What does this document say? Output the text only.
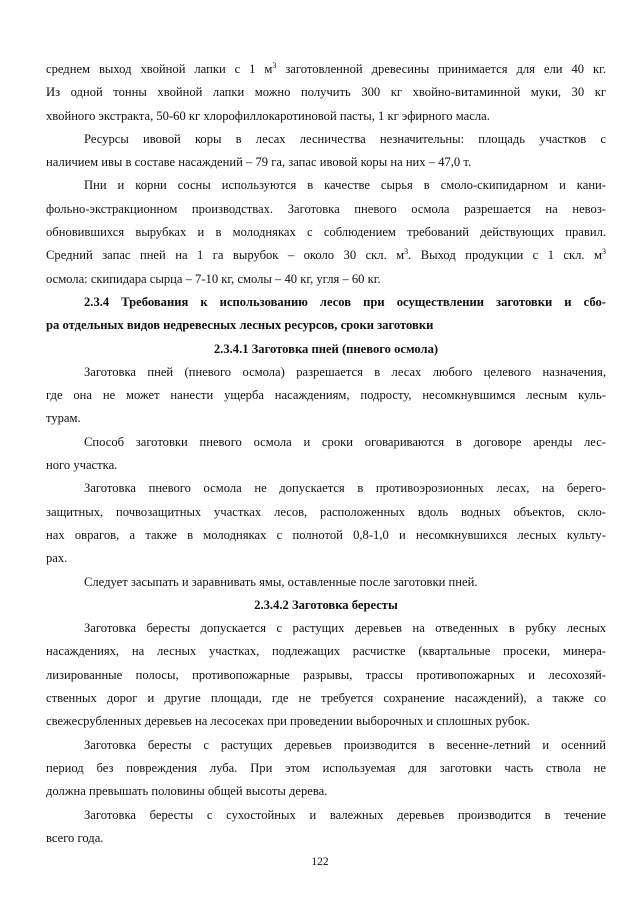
среднем выход хвойной лапки с 1 $м^3$ заготовленной древесины принимается для ели 40 кг.
Из одной тонны хвойной лапки можно получить 300 кг хвойно-витаминной муки, 30 кг
хвойного экстракта, 50-60 кг хлорофиллокаротиновой пасты, 1 кг эфирного масла.
Ресурсы ивовой коры в лесах лесничества незначительны: площадь участков с
наличием ивы в составе насаждений – 79 га, запас ивовой коры на них – 47,0 т.
Пни и корни сосны используются в качестве сырья в смоло-скипидарном и кани-
фольно-экстракционном производствах. Заготовка пневого осмола разрешается на невоз-
обновившихся вырубках и в молодняках с соблюдением требований действующих правил.
Средний запас пней на 1 га вырубок – около 30 скл. $м^3$. Выход продукции с 1 скл. $м^3$
осмола: скипидара сырца – 7-10 кг, смолы – 40 кг, угля – 60 кг.
2.3.4 Требования к использованию лесов при осуществлении заготовки и сбо-
ра отдельных видов недревесных лесных ресурсов, сроки заготовки
2.3.4.1 Заготовка пней (пневого осмола)
Заготовка пней (пневого осмола) разрешается в лесах любого целевого назначения,
где она не может нанести ущерба насаждениям, подросту, несомкнувшимся лесным куль-
турам.
Способ заготовки пневого осмола и сроки оговариваются в договоре аренды лес-
ного участка.
Заготовка пневого осмола не допускается в противоэрозионных лесах, на берего-
защитных, почвозащитных участках лесов, расположенных вдоль водных объектов, скло-
нах оврагов, а также в молодняках с полнотой 0,8-1,0 и несомкнувшихся лесных культу-
рах.
Следует засыпать и заравнивать ямы, оставленные после заготовки пней.
2.3.4.2 Заготовка бересты
Заготовка бересты допускается с растущих деревьев на отведенных в рубку лесных
насаждениях, на лесных участках, подлежащих расчистке (квартальные просеки, минера-
лизированные полосы, противопожарные разрывы, трассы противопожарных и лесохозяй-
ственных дорог и другие площади, где не требуется сохранение насаждений), а также со
свежесрубленных деревьев на лесосеках при проведении выборочных и сплошных рубок.
Заготовка бересты с растущих деревьев производится в весенне-летний и осенний
период без повреждения луба. При этом используемая для заготовки часть ствола не
должна превышать половины общей высоты дерева.
Заготовка бересты с сухостойных и валежных деревьев производится в течение
всего года.
122
